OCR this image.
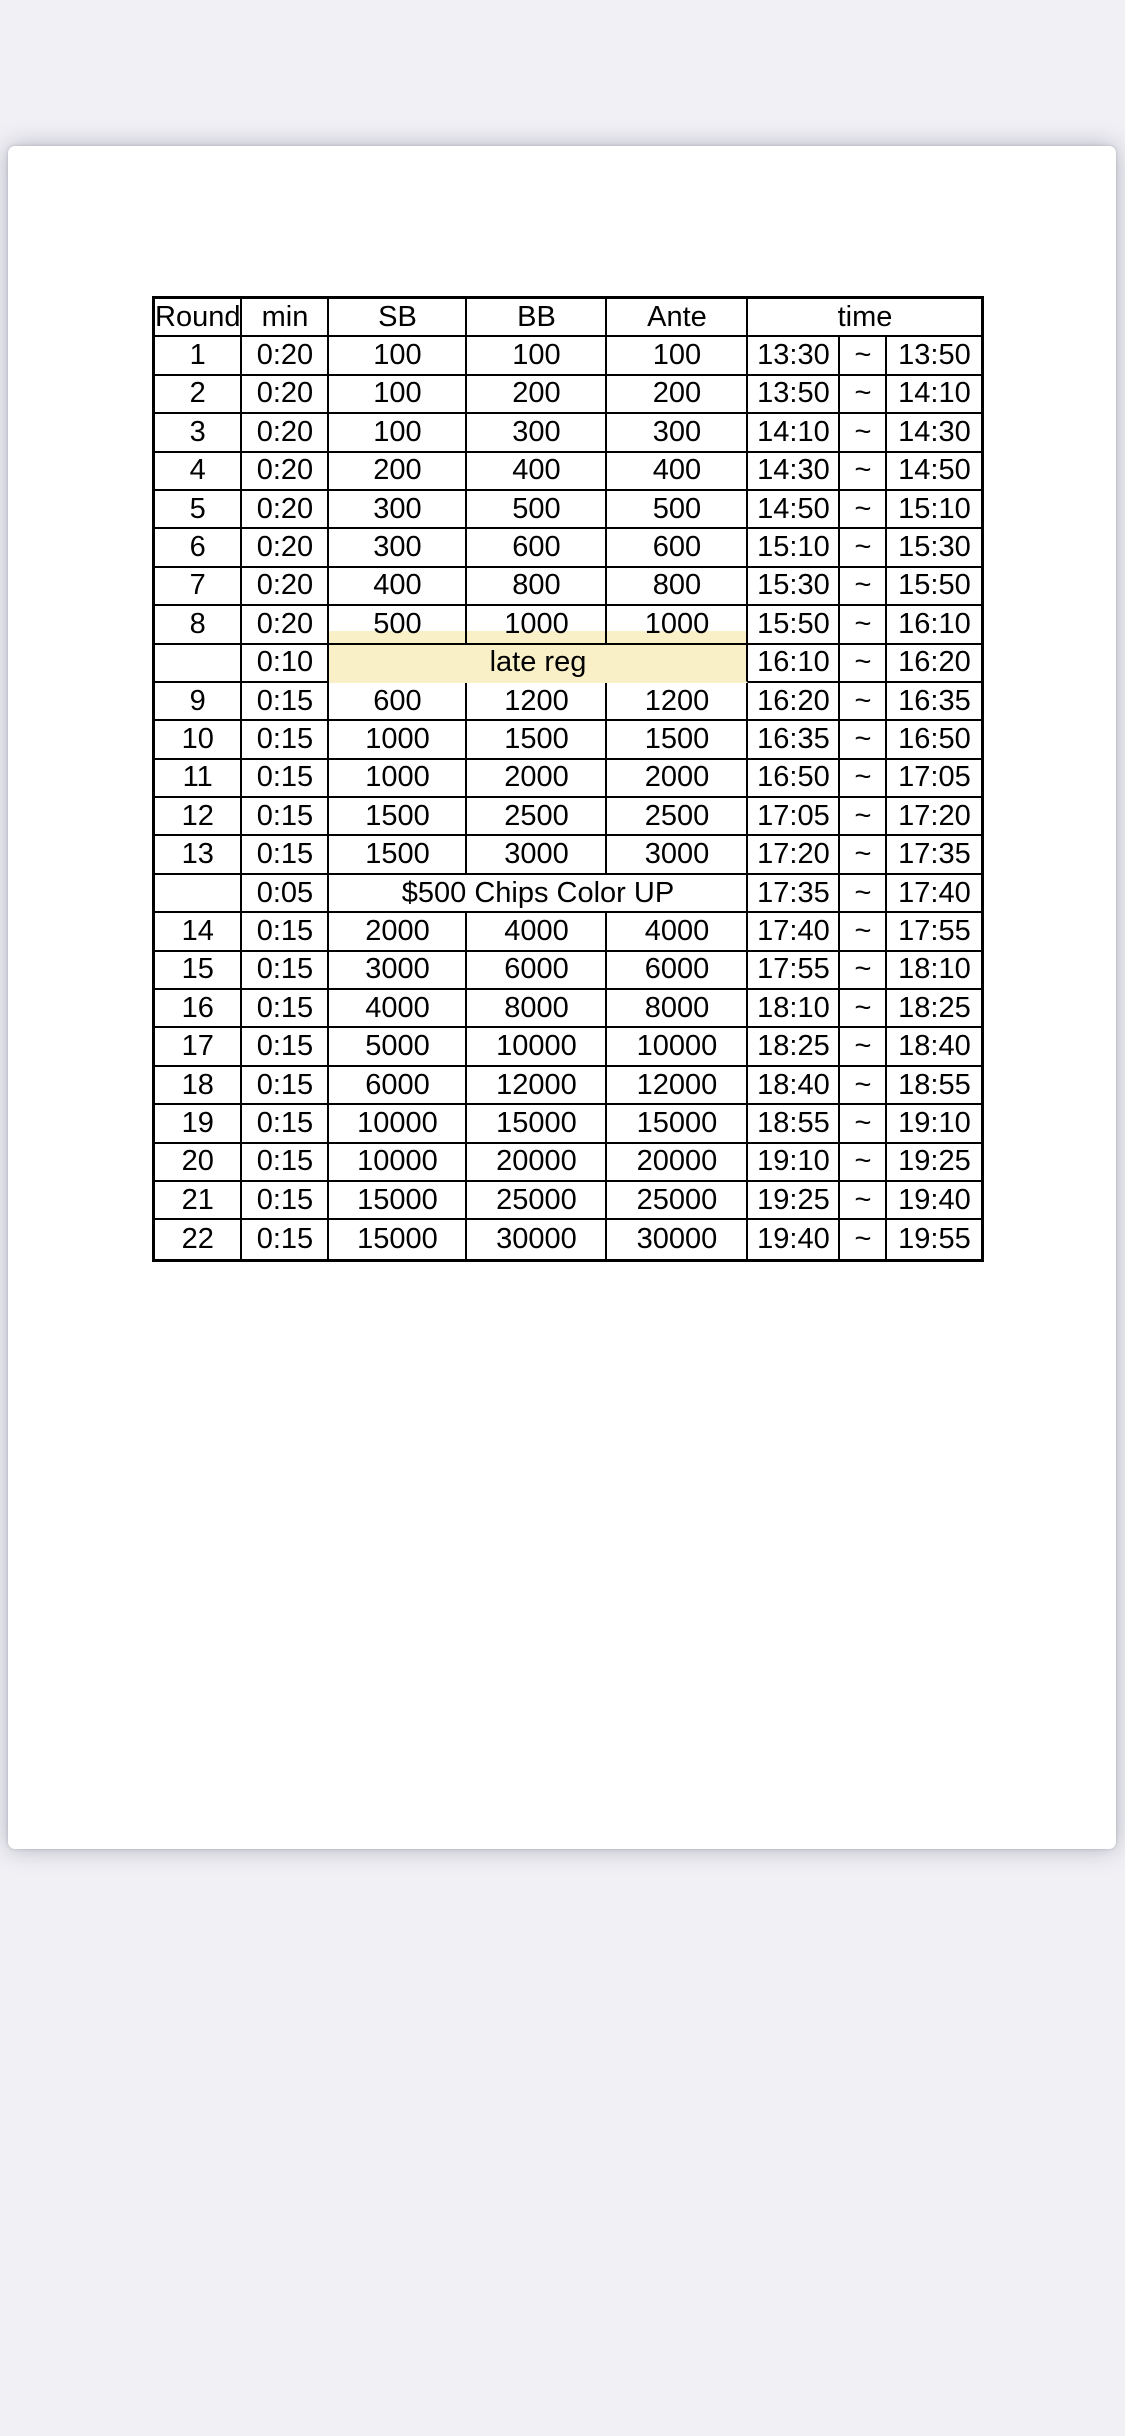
Round	min	SB	BB	Ante	time		
1	0:20	100	100	100	13:30	~	13:50
2	0:20	100	200	200	13:50	~	14:10
3	0:20	100	300	300	14:10	~	14:30
4	0:20	200	400	400	14:30	~	14:50
5	0:20	300	500	500	14:50	~	15:10
6	0:20	300	600	600	15:10	~	15:30
7	0:20	400	800	800	15:30	~	15:50
8	0:20	500	1000	1000	15:50	~	16:10
	0:10	late reg			16:10	~	16:20
9	0:15	600	1200	1200	16:20	~	16:35
10	0:15	1000	1500	1500	16:35	~	16:50
11	0:15	1000	2000	2000	16:50	~	17:05
12	0:15	1500	2500	2500	17:05	~	17:20
13	0:15	1500	3000	3000	17:20	~	17:35
	0:05	$500 Chips Color UP			17:35	~	17:40
14	0:15	2000	4000	4000	17:40	~	17:55
15	0:15	3000	6000	6000	17:55	~	18:10
16	0:15	4000	8000	8000	18:10	~	18:25
17	0:15	5000	10000	10000	18:25	~	18:40
18	0:15	6000	12000	12000	18:40	~	18:55
19	0:15	10000	15000	15000	18:55	~	19:10
20	0:15	10000	20000	20000	19:10	~	19:25
21	0:15	15000	25000	25000	19:25	~	19:40
22	0:15	15000	30000	30000	19:40	~	19:55
